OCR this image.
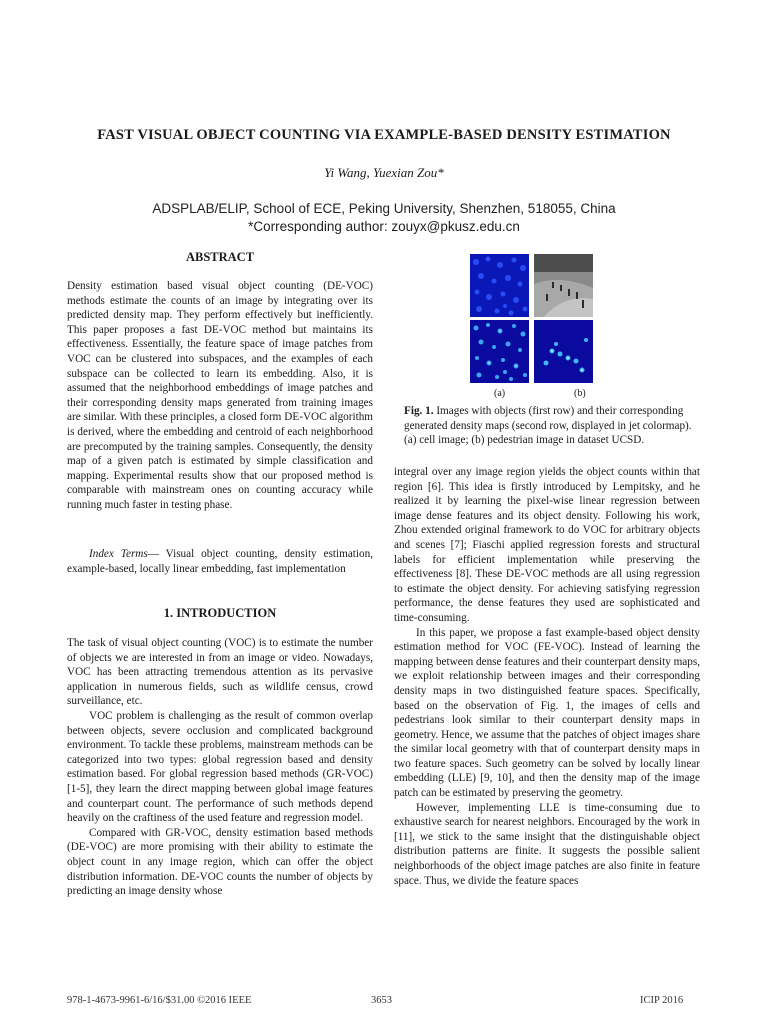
FAST VISUAL OBJECT COUNTING VIA EXAMPLE-BASED DENSITY ESTIMATION
Yi Wang, Yuexian Zou*
ADSPLAB/ELIP, School of ECE, Peking University, Shenzhen, 518055, China
*Corresponding author: zouyx@pkusz.edu.cn
ABSTRACT

Density estimation based visual object counting (DE-VOC) methods estimate the counts of an image by integrating over its predicted density map. They perform effectively but inefficiently. This paper proposes a fast DE-VOC method but maintains its effectiveness. Essentially, the feature space of image patches from VOC can be clustered into subspaces, and the examples of each subspace can be collected to learn its embedding. Also, it is assumed that the neighborhood embeddings of image patches and their corresponding density maps generated from training images are similar. With these principles, a closed form DE-VOC algorithm is derived, where the embedding and centroid of each neighborhood are precomputed by the training samples. Consequently, the density map of a given patch is estimated by simple classification and mapping. Experimental results show that our proposed method is comparable with mainstream ones on counting accuracy while running much faster in testing phase.

Index Terms— Visual object counting, density estimation, example-based, locally linear embedding, fast implementation

1. INTRODUCTION

The task of visual object counting (VOC) is to estimate the number of objects we are interested in from an image or video. Nowadays, VOC has been attracting tremendous attention as its pervasive application in numerous fields, such as wildlife census, crowd surveillance, etc.

VOC problem is challenging as the result of common overlap between objects, severe occlusion and complicated background environment. To tackle these problems, mainstream methods can be categorized into two types: global regression based and density estimation based. For global regression based methods (GR-VOC) [1-5], they learn the direct mapping between global image features and counterpart count. The performance of such methods depend heavily on the craftiness of the used feature and regression model.

Compared with GR-VOC, density estimation based methods (DE-VOC) are more promising with their ability to estimate the object count in any image region, which can offer the object distribution information. DE-VOC counts the number of objects by predicting an image density whose

(a)	(b)
Fig. 1. Images with objects (first row) and their corresponding generated density maps (second row, displayed in jet colormap). (a) cell image; (b) pedestrian image in dataset UCSD.

integral over any image region yields the object counts within that region [6]. This idea is firstly introduced by Lempitsky, and he realized it by learning the pixel-wise linear regression between image dense features and its object density. Following his work, Zhou extended original framework to do VOC for arbitrary objects and scenes [7]; Fiaschi applied regression forests and structural labels for efficient implementation while preserving the effectiveness [8]. These DE-VOC methods are all using regression to estimate the object density. For achieving satisfying regression performance, the dense features they used are sophisticated and time-consuming.

In this paper, we propose a fast example-based object density estimation method for VOC (FE-VOC). Instead of learning the mapping between dense features and their counterpart density maps, we exploit relationship between images and their corresponding density maps in two distinguished feature spaces. Specifically, based on the observation of Fig. 1, the images of cells and pedestrians look similar to their counterpart density maps in geometry. Hence, we assume that the patches of object images share the similar local geometry with that of counterpart density maps in two feature spaces. Such geometry can be solved by locally linear embedding (LLE) [9, 10], and then the density map of the image patch can be estimated by preserving the geometry.

However, implementing LLE is time-consuming due to exhaustive search for nearest neighbors. Encouraged by the work in [11], we stick to the same insight that the distinguishable object distribution patterns are finite. It suggests the possible salient neighborhoods of the object image patches are also finite in feature space. Thus, we divide the feature spaces

978-1-4673-9961-6/16/$31.00 ©2016 IEEE	3653	ICIP 2016
